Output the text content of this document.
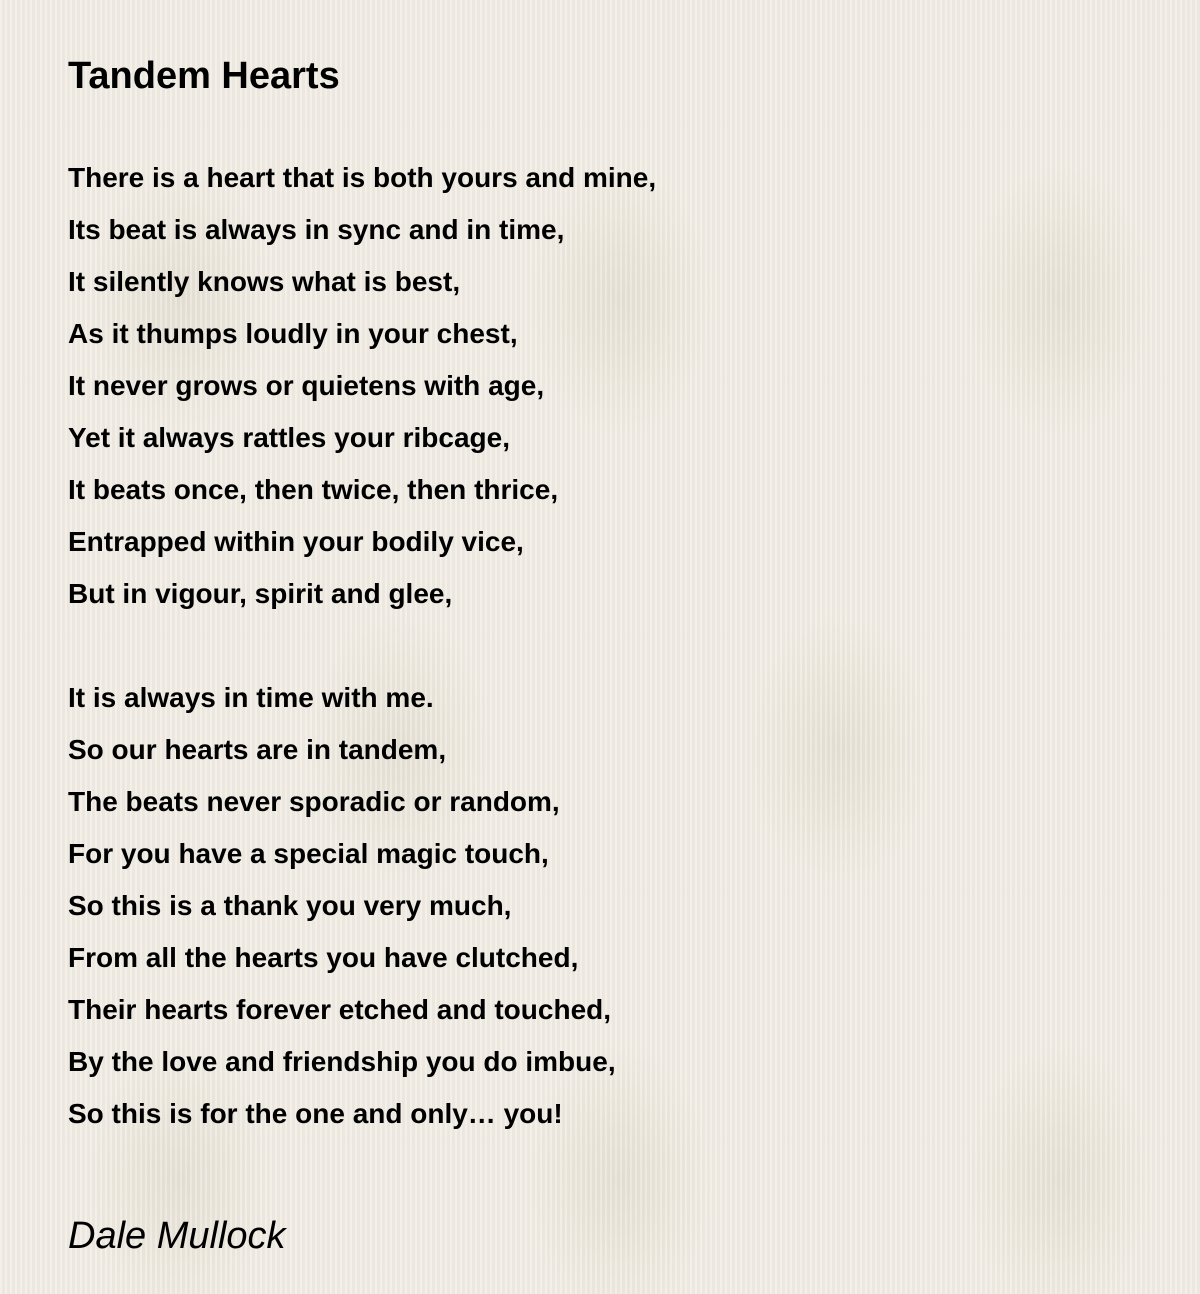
Tandem Hearts
There is a heart that is both yours and mine,
Its beat is always in sync and in time,
It silently knows what is best,
As it thumps loudly in your chest,
It never grows or quietens with age,
Yet it always rattles your ribcage,
It beats once, then twice, then thrice,
Entrapped within your bodily vice,
But in vigour, spirit and glee,
It is always in time with me.
So our hearts are in tandem,
The beats never sporadic or random,
For you have a special magic touch,
So this is a thank you very much,
From all the hearts you have clutched,
Their hearts forever etched and touched,
By the love and friendship you do imbue,
So this is for the one and only… you!
Dale Mullock
